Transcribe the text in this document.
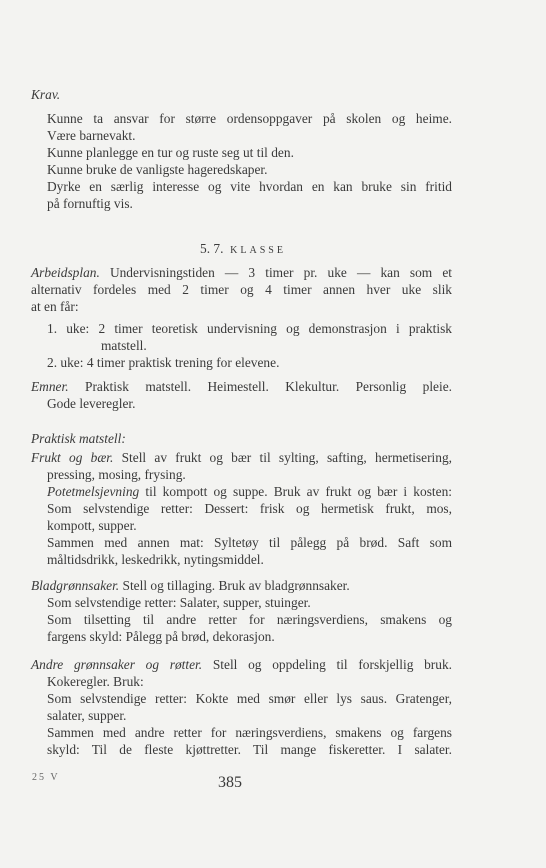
Krav.
Kunne ta ansvar for større ordensoppgaver på skolen og heime.
Være barnevakt.
Kunne planlegge en tur og ruste seg ut til den.
Kunne bruke de vanligste hageredskaper.
Dyrke en særlig interesse og vite hvordan en kan bruke sin fritid
på fornuftig vis.
5. 7. KLASSE
Arbeidsplan. Undervisningstiden — 3 timer pr. uke — kan som et
alternativ fordeles med 2 timer og 4 timer annen hver uke slik
at en får:
1. uke: 2 timer teoretisk undervisning og demonstrasjon i praktisk
matstell.
2. uke: 4 timer praktisk trening for elevene.
Emner. Praktisk matstell. Heimestell. Klekultur. Personlig pleie.
Gode leveregler.
Praktisk matstell:
Frukt og bær. Stell av frukt og bær til sylting, safting, hermetisering,
pressing, mosing, frysing.
Potetmelsjevning til kompott og suppe. Bruk av frukt og bær i kosten:
Som selvstendige retter: Dessert: frisk og hermetisk frukt, mos,
kompott, supper.
Sammen med annen mat: Syltetøy til pålegg på brød. Saft som
måltidsdrikk, leskedrikk, nytingsmiddel.
Bladgrønnsaker. Stell og tillaging. Bruk av bladgrønnsaker.
Som selvstendige retter: Salater, supper, stuinger.
Som tilsetting til andre retter for næringsverdiens, smakens og
fargens skyld: Pålegg på brød, dekorasjon.
Andre grønnsaker og røtter. Stell og oppdeling til forskjellig bruk.
Kokeregler. Bruk:
Som selvstendige retter: Kokte med smør eller lys saus. Gratenger,
salater, supper.
Sammen med andre retter for næringsverdiens, smakens og fargens
skyld: Til de fleste kjøttretter. Til mange fiskeretter. I salater.
25 V	385
